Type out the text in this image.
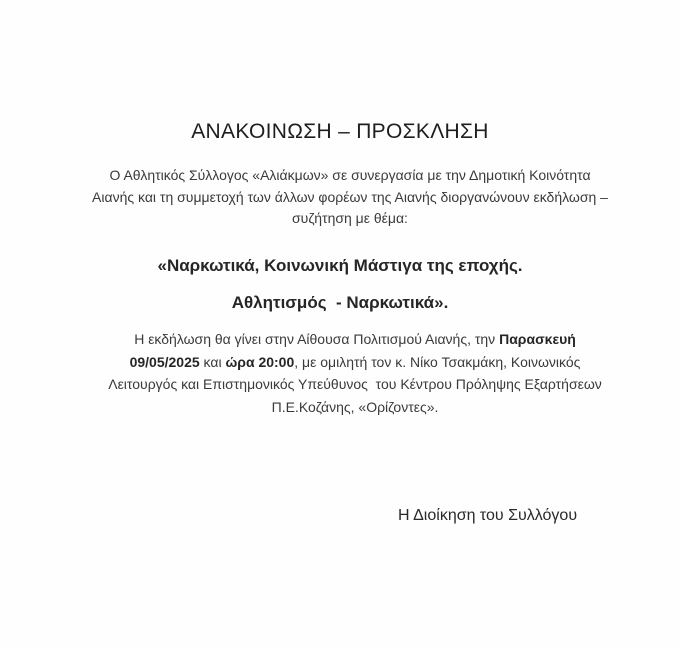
ΑΝΑΚΟΙΝΩΣΗ – ΠΡΟΣΚΛΗΣΗ
Ο Αθλητικός Σύλλογος «Αλιάκμων» σε συνεργασία με την Δημοτική Κοινότητα
Αιανής και τη συμμετοχή των άλλων φορέων της Αιανής διοργανώνουν εκδήλωση –
συζήτηση με θέμα:
«Ναρκωτικά, Κοινωνική Μάστιγα της εποχής.
Αθλητισμός  - Ναρκωτικά».
Η εκδήλωση θα γίνει στην Αίθουσα Πολιτισμού Αιανής, την Παρασκευή
09/05/2025 και ώρα 20:00, με ομιλητή τον κ. Νίκο Τσακμάκη, Κοινωνικός
Λειτουργός και Επιστημονικός Υπεύθυνος  του Κέντρου Πρόληψης Εξαρτήσεων
Π.Ε.Κοζάνης, «Ορίζοντες».
Η Διοίκηση του Συλλόγου
